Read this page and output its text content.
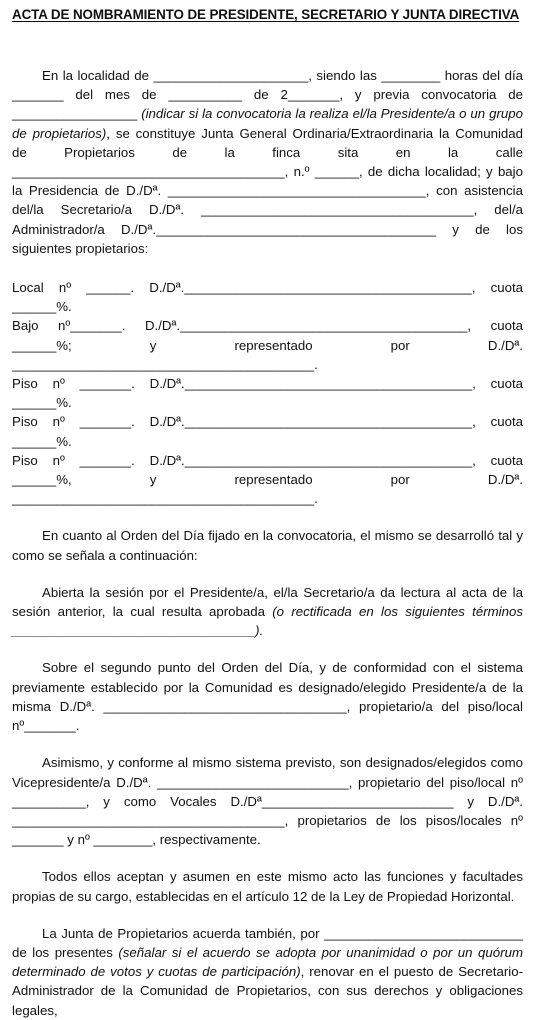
ACTA DE NOMBRAMIENTO DE PRESIDENTE, SECRETARIO Y JUNTA DIRECTIVA

En la localidad de _____________________, siendo las ________ horas del día _______ del mes de __________ de 2_______, y previa convocatoria de _________________ (indicar si la convocatoria la realiza el/la Presidente/a o un grupo de propietarios), se constituye Junta General Ordinaria/Extraordinaria la Comunidad de Propietarios de la finca sita en la calle _____________________________________, n.º ______, de dicha localidad; y bajo la Presidencia de D./Dª. ___________________________________, con asistencia del/la Secretario/a D./Dª. _____________________________________, del/a Administrador/a D./Dª.______________________________________ y de los siguientes propietarios:

Local nº ______. D./Dª._______________________________________, cuota ______%.

Bajo nº_______. D./Dª._______________________________________, cuota ______%; y representado por D./Dª. _________________________________________.

Piso nº _______. D./Dª._______________________________________, cuota ______%.

Piso nº _______. D./Dª._______________________________________, cuota ______%.

Piso nº _______. D./Dª._______________________________________, cuota ______%, y representado por D./Dª. _________________________________________.

En cuanto al Orden del Día fijado en la convocatoria, el mismo se desarrolló tal y como se señala a continuación:

Abierta la sesión por el Presidente/a, el/la Secretario/a da lectura al acta de la sesión anterior, la cual resulta aprobada (o rectificada en los siguientes términos _________________________________).

Sobre el segundo punto del Orden del Día, y de conformidad con el sistema previamente establecido por la Comunidad es designado/elegido Presidente/a de la misma D./Dª. _________________________________, propietario/a del piso/local nº_______.

Asimismo, y conforme al mismo sistema previsto, son designados/elegidos como Vicepresidente/a D./Dª. __________________________, propietario del piso/local nº __________, y como Vocales D./Dª__________________________ y D./Dª. _____________________________________, propietarios de los pisos/locales nº _______ y nº ________, respectivamente.

Todos ellos aceptan y asumen en este mismo acto las funciones y facultades propias de su cargo, establecidas en el artículo 12 de la Ley de Propiedad Horizontal.

La Junta de Propietarios acuerda también, por ___________________________ de los presentes (señalar si el acuerdo se adopta por unanimidad o por un quórum determinado de votos y cuotas de participación), renovar en el puesto de Secretario-Administrador de la Comunidad de Propietarios, con sus derechos y obligaciones legales,
